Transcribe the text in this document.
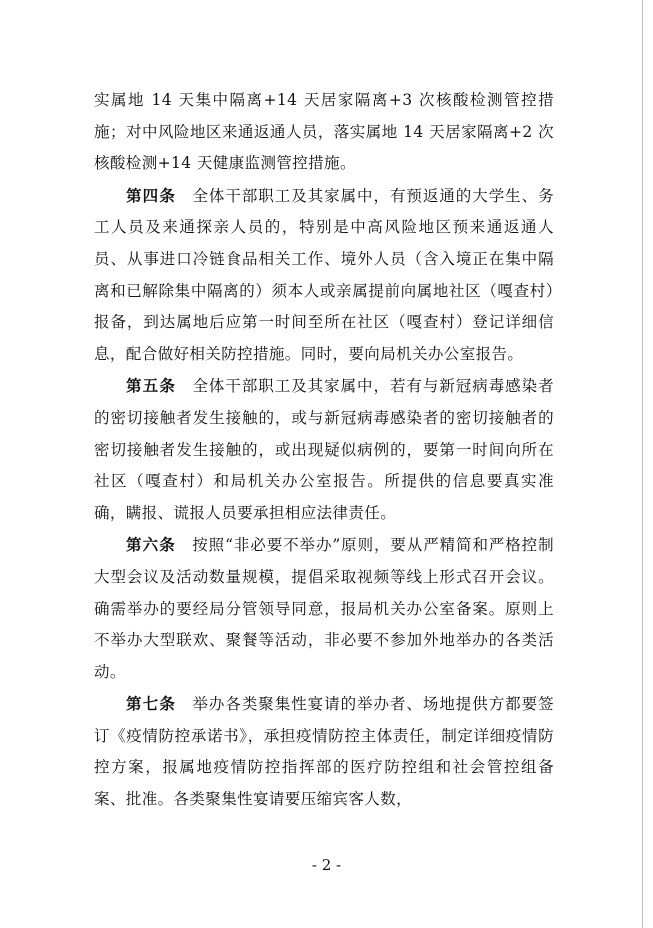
实属地 14 天集中隔离+14 天居家隔离+3 次核酸检测管控措施；对中风险地区来通返通人员，落实属地 14 天居家隔离+2 次核酸检测+14 天健康监测管控措施。

第四条　 全体干部职工及其家属中，有预返通的大学生、务工人员及来通探亲人员的，特别是中高风险地区预来通返通人员、从事进口冷链食品相关工作、境外人员（含入境正在集中隔离和已解除集中隔离的）须本人或亲属提前向属地社区（嘎查村）报备，到达属地后应第一时间至所在社区（嘎查村）登记详细信息，配合做好相关防控措施。同时，要向局机关办公室报告。

第五条　 全体干部职工及其家属中，若有与新冠病毒感染者的密切接触者发生接触的，或与新冠病毒感染者的密切接触者的密切接触者发生接触的，或出现疑似病例的，要第一时间向所在社区（嘎查村）和局机关办公室报告。所提供的信息要真实准确，瞒报、谎报人员要承担相应法律责任。

第六条　 按照“非必要不举办”原则，要从严精简和严格控制大型会议及活动数量规模，提倡采取视频等线上形式召开会议。确需举办的要经局分管领导同意，报局机关办公室备案。原则上不举办大型联欢、聚餐等活动，非必要不参加外地举办的各类活动。

第七条　 举办各类聚集性宴请的举办者、场地提供方都要签订《疫情防控承诺书》，承担疫情防控主体责任，制定详细疫情防控方案，报属地疫情防控指挥部的医疗防控组和社会管控组备案、批准。各类聚集性宴请要压缩宾客人数，

- 2 -
